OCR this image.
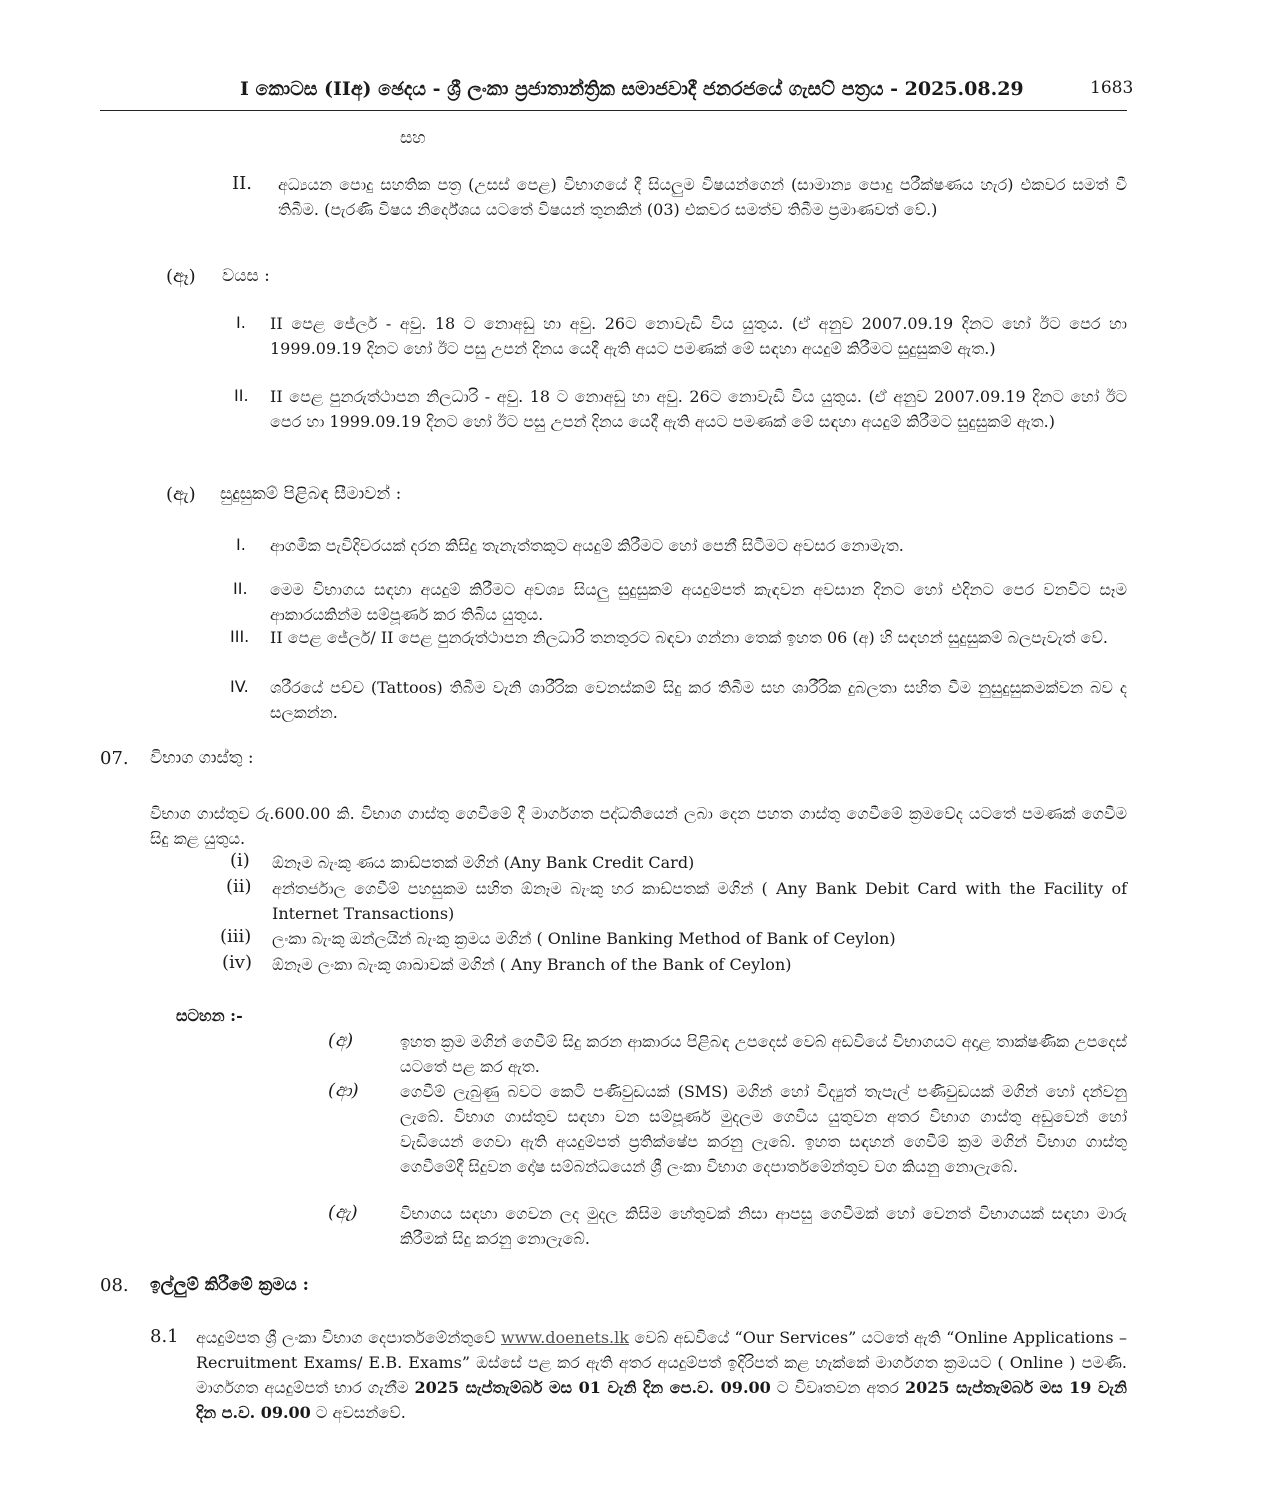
I කොටස (IIඅ) ඡෙදය - ශ්‍රී ලංකා ප්‍රජාතාන්ත්‍රික සමාජවාදී ජනරජයේ ගැසට් පත්‍රය - 2025.08.29	1683
සහ
II. අධ්‍යයන පොදු සහතික පත්‍ර (උසස් පෙළ) විභාගයේ දී සියලුම විෂයන්ගෙන් (සාමාන්‍ය පොදු පරීක්ෂණය හැර) එකවර සමත් වී තිබීම. (පැරණි විෂය නිර්දේශය යටතේ විෂයන් තුනකින් (03) එකවර සමත්ව තිබීම ප්‍රමාණවත් වේ.)
(ඈ) වයස :
I. II පෙළ ජේලර් - අවු. 18 ට නොඅඩු හා අවු. 26ට නොවැඩි විය යුතුය. (ඒ අනුව 2007.09.19 දිනට හෝ ඊට පෙර හා 1999.09.19 දිනට හෝ ඊට පසු උපන් දිනය යෙදී ඇති අයට පමණක් මේ සඳහා අයදුම් කිරීමට සුදුසුකම් ඇත.)
II. II පෙළ පුනරුත්ථාපන නිලධාරි - අවු. 18 ට නොඅඩු හා අවු. 26ට නොවැඩි විය යුතුය. (ඒ අනුව 2007.09.19 දිනට හෝ ඊට පෙර හා 1999.09.19 දිනට හෝ ඊට පසු උපන් දිනය යෙදී ඇති අයට පමණක් මේ සඳහා අයදුම් කිරීමට සුදුසුකම් ඇත.)
(ඇ) සුදුසුකම් පිළිබඳ සීමාවන් :
I. ආගමික පැවිදිවරයක් දරන කිසිදු තැනැත්තකුට අයදුම් කිරීමට හෝ පෙනී සිටීමට අවසර නොමැත.
II. මෙම විභාගය සඳහා අයදුම් කිරීමට අවශ්‍ය සියලු සුදුසුකම් අයදුම්පත් කැඳවන අවසාන දිනට හෝ එදිනට පෙර වනවිට සෑම ආකාරයකින්ම සම්පූර්ණ කර තිබිය යුතුය.
III. II පෙළ ජේලර්/ II පෙළ පුනරුත්ථාපන නිලධාරි තනතුරට බඳවා ගන්නා තෙක් ඉහත 06 (අ) හි සඳහන් සුදුසුකම් බලපැවැත් වේ.
IV. ශරීරයේ පච්ච (Tattoos) තිබීම වැනි ශාරීරික වෙනස්කම් සිදු කර තිබීම සහ ශාරීරික දුබලතා සහිත වීම නුසුදුසුකමක්වන බව ද සලකන්න.
07. විභාග ගාස්තු :
විභාග ගාස්තුව රු.600.00 කි. විභාග ගාස්තු ගෙවීමේ දී මාර්ගගත පද්ධතියෙන් ලබා දෙන පහත ගාස්තු ගෙවීමේ ක්‍රමවේද යටතේ පමණක් ගෙවීම සිදු කළ යුතුය.
(i) ඕනෑම බැංකු ණය කාඩ්පතක් මගින් (Any Bank Credit Card)
(ii) අන්තර්ජාල ගෙවීම් පහසුකම සහිත ඕනෑම බැංකු හර කාඩ්පතක් මගින් ( Any Bank Debit Card with the Facility of Internet Transactions)
(iii) ලංකා බැංකු ඔන්ලයින් බැංකු ක්‍රමය මගින් ( Online Banking Method of Bank of Ceylon)
(iv) ඕනෑම ලංකා බැංකු ශාඛාවක් මගින් ( Any Branch of the Bank of Ceylon)
සටහන :-
(අ)	ඉහත ක්‍රම මගින් ගෙවීම් සිදු කරන ආකාරය පිළිබඳ උපදෙස් වෙබ් අඩවියේ විභාගයට අදාළ තාක්ෂණික උපදෙස් යටතේ පළ කර ඇත.
(ආ)	ගෙවීම් ලැබුණු බවට කෙටි පණිවුඩයක් (SMS) මගින් හෝ විද්‍යුත් තැපැල් පණිවුඩයක් මගින් හෝ දන්වනු ලැබේ. විභාග ගාස්තුව සඳහා වන සම්පූර්ණ මුදලම ගෙවිය යුතුවන අතර විභාග ගාස්තු අඩුවෙන් හෝ වැඩියෙන් ගෙවා ඇති අයදුම්පත් ප්‍රතික්ෂේප කරනු ලැබේ. ඉහත සඳහන් ගෙවීම් ක්‍රම මගින් විභාග ගාස්තු ගෙවීමේදී සිදුවන දෝෂ සම්බන්ධයෙන් ශ්‍රී ලංකා විභාග දෙපාර්තමේන්තුව වග කියනු නොලැබේ.
(ඇ)	විභාගය සඳහා ගෙවන ලද මුදල කිසිම හේතුවක් නිසා ආපසු ගෙවීමක් හෝ වෙනත් විභාගයක් සඳහා මාරු කිරීමක් සිදු කරනු නොලැබේ.
08. ඉල්ලුම් කිරීමේ ක්‍රමය :
8.1 අයදුම්පත ශ්‍රී ලංකා විභාග දෙපාර්තමේන්තුවේ www.doenets.lk වෙබ් අඩවියේ “Our Services” යටතේ ඇති “Online Applications – Recruitment Exams/ E.B. Exams” ඔස්සේ පළ කර ඇති අතර අයදුම්පත් ඉදිරිපත් කළ හැක්කේ මාර්ගගත ක්‍රමයට ( Online ) පමණි. මාර්ගගත අයදුම්පත් භාර ගැනීම 2025 සැප්තැම්බර් මස 01 වැනි දින පෙ.ව. 09.00 ට විවෘතවන අතර 2025 සැප්තැම්බර් මස 19 වැනි දින ප.ව. 09.00 ට අවසන්වේ.
